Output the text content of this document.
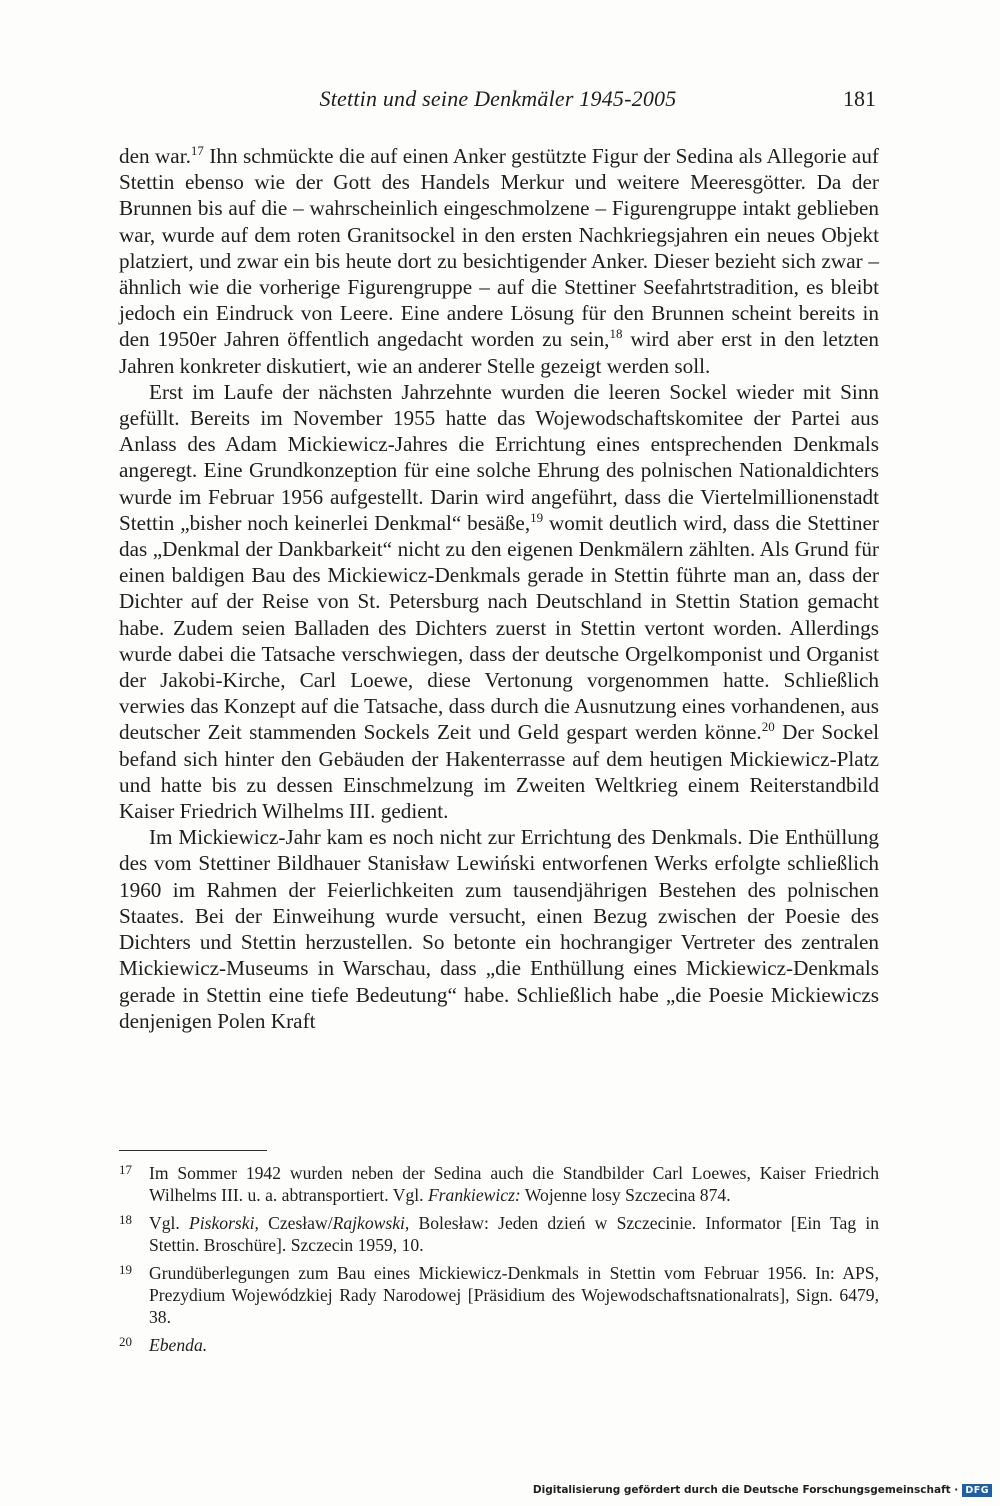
Stettin und seine Denkmäler 1945-2005	181

den war.$^{17}$ Ihn schmückte die auf einen Anker gestützte Figur der Sedina als Allegorie auf Stettin ebenso wie der Gott des Handels Merkur und weitere Meeresgötter. Da der Brunnen bis auf die – wahrscheinlich eingeschmolzene – Figurengruppe intakt geblieben war, wurde auf dem roten Granitsockel in den ersten Nachkriegsjahren ein neues Objekt platziert, und zwar ein bis heute dort zu besichtigender Anker. Dieser bezieht sich zwar – ähnlich wie die vorherige Figurengruppe – auf die Stettiner Seefahrtstradition, es bleibt jedoch ein Eindruck von Leere. Eine andere Lösung für den Brunnen scheint bereits in den 1950er Jahren öffentlich angedacht worden zu sein,$^{18}$ wird aber erst in den letzten Jahren konkreter diskutiert, wie an anderer Stelle gezeigt werden soll.

Erst im Laufe der nächsten Jahrzehnte wurden die leeren Sockel wieder mit Sinn gefüllt. Bereits im November 1955 hatte das Wojewodschaftskomitee der Partei aus Anlass des Adam Mickiewicz-Jahres die Errichtung eines entsprechenden Denkmals angeregt. Eine Grundkonzeption für eine solche Ehrung des polnischen Nationaldichters wurde im Februar 1956 aufgestellt. Darin wird angeführt, dass die Viertelmillionenstadt Stettin „bisher noch keinerlei Denkmal“ besäße,$^{19}$ womit deutlich wird, dass die Stettiner das „Denkmal der Dankbarkeit“ nicht zu den eigenen Denkmälern zählten. Als Grund für einen baldigen Bau des Mickiewicz-Denkmals gerade in Stettin führte man an, dass der Dichter auf der Reise von St. Petersburg nach Deutschland in Stettin Station gemacht habe. Zudem seien Balladen des Dichters zuerst in Stettin vertont worden. Allerdings wurde dabei die Tatsache verschwiegen, dass der deutsche Orgelkomponist und Organist der Jakobi-Kirche, Carl Loewe, diese Vertonung vorgenommen hatte. Schließlich verwies das Konzept auf die Tatsache, dass durch die Ausnutzung eines vorhandenen, aus deutscher Zeit stammenden Sockels Zeit und Geld gespart werden könne.$^{20}$ Der Sockel befand sich hinter den Gebäuden der Hakenterrasse auf dem heutigen Mickiewicz-Platz und hatte bis zu dessen Einschmelzung im Zweiten Weltkrieg einem Reiterstandbild Kaiser Friedrich Wilhelms III. gedient.

Im Mickiewicz-Jahr kam es noch nicht zur Errichtung des Denkmals. Die Enthüllung des vom Stettiner Bildhauer Stanisław Lewiński entworfenen Werks erfolgte schließlich 1960 im Rahmen der Feierlichkeiten zum tausendjährigen Bestehen des polnischen Staates. Bei der Einweihung wurde versucht, einen Bezug zwischen der Poesie des Dichters und Stettin herzustellen. So betonte ein hochrangiger Vertreter des zentralen Mickiewicz-Museums in Warschau, dass „die Enthüllung eines Mickiewicz-Denkmals gerade in Stettin eine tiefe Bedeutung“ habe. Schließlich habe „die Poesie Mickiewiczs denjenigen Polen Kraft

17 Im Sommer 1942 wurden neben der Sedina auch die Standbilder Carl Loewes, Kaiser Friedrich Wilhelms III. u. a. abtransportiert. Vgl. Frankiewicz: Wojenne losy Szczecina 874.
18 Vgl. Piskorski, Czesław/Rajkowski, Bolesław: Jeden dzień w Szczecinie. Informator [Ein Tag in Stettin. Broschüre]. Szczecin 1959, 10.
19 Grundüberlegungen zum Bau eines Mickiewicz-Denkmals in Stettin vom Februar 1956. In: APS, Prezydium Wojewódzkiej Rady Narodowej [Präsidium des Wojewodschaftsnationalrats], Sign. 6479, 38.
20 Ebenda.
Digitalisierung gefördert durch die Deutsche Forschungsgemeinschaft · DFG
